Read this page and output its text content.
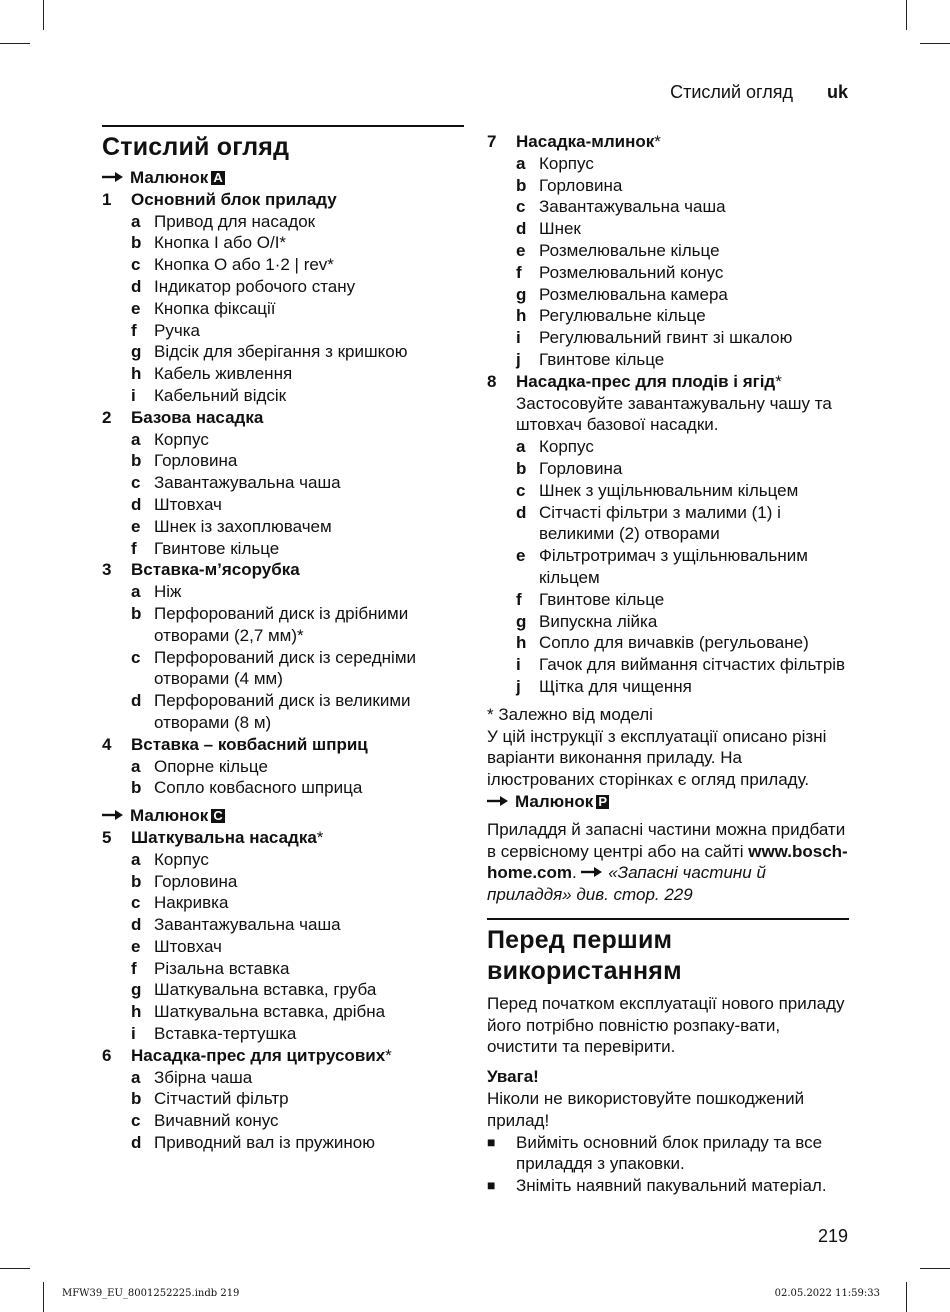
Стислий огляд uk
Стислий огляд
Малюнок A
1	Основний блок приладу
a Привод для насадок
b Кнопка I або O/I*
c Кнопка O або 1·2 | rev*
d Індикатор робочого стану
e Кнопка фіксації
f	Ручка
g Відсік для зберігання з кришкою
h Кабель живлення
i	Кабельний відсік
2	Базова насадка
a Корпус
b Горловина
c Завантажувальна чаша
d Штовхач
e Шнек із захоплювачем
f	Гвинтове кільце
3	Вставка-м’ясорубка
a Ніж
b Перфорований диск із дрібними отворами (2,7 мм)*
c Перфорований диск із середніми отворами (4 мм)
d Перфорований диск із великими отворами (8 м)
4	Вставка – ковбасний шприц
a Опорне кільце
b Сопло ковбасного шприца
Малюнок C
5	Шаткувальна насадка*
a Корпус
b Горловина
c Накривка
d Завантажувальна чаша
e Штовхач
f	Різальна вставка
g Шаткувальна вставка, груба
h Шаткувальна вставка, дрібна
i	Вставка-тертушка
6	Насадка-прес для цитрусових*
a Збірна чаша
b Сітчастий фільтр
c Вичавний конус
d Приводний вал із пружиною
7	Насадка-млинок*
a Корпус
b Горловина
c Завантажувальна чаша
d Шнек
e Розмелювальне кільце
f	Розмелювальний конус
g Розмелювальна камера
h Регулювальне кільце
i	Регулювальний гвинт зі шкалою
j	Гвинтове кільце
8	Насадка-прес для плодів і ягід*
Застосовуйте завантажувальну чашу та штовхач базової насадки.
a Корпус
b Горловина
c Шнек з ущільнювальним кільцем
d Сітчасті фільтри з малими (1) і великими (2) отворами
e Фільтротримач з ущільнювальним кільцем
f	Гвинтове кільце
g Випускна лійка
h Сопло для вичавків (регульоване)
i	Гачок для виймання сітчастих фільтрів
j	Щітка для чищення
* Залежно від моделі
У цій інструкції з експлуатації описано різні варіанти виконання приладу. На ілюстрованих сторінках є огляд приладу.
Малюнок P
Приладдя й запасні частини можна придбати в сервісному центрі або на сайті www.bosch-home.com.  «Запасні частини й приладдя» див. стор. 229
Перед першим використанням
Перед початком експлуатації нового приладу його потрібно повністю розпаку-вати, очистити та перевірити.
Увага!
Ніколи не використовуйте пошкоджений прилад!
■	Вийміть основний блок приладу та все приладдя з упаковки.
■	Зніміть наявний пакувальний матеріал.
219
MFW39_EU_8001252225.indb 219	02.05.2022 11:59:33
